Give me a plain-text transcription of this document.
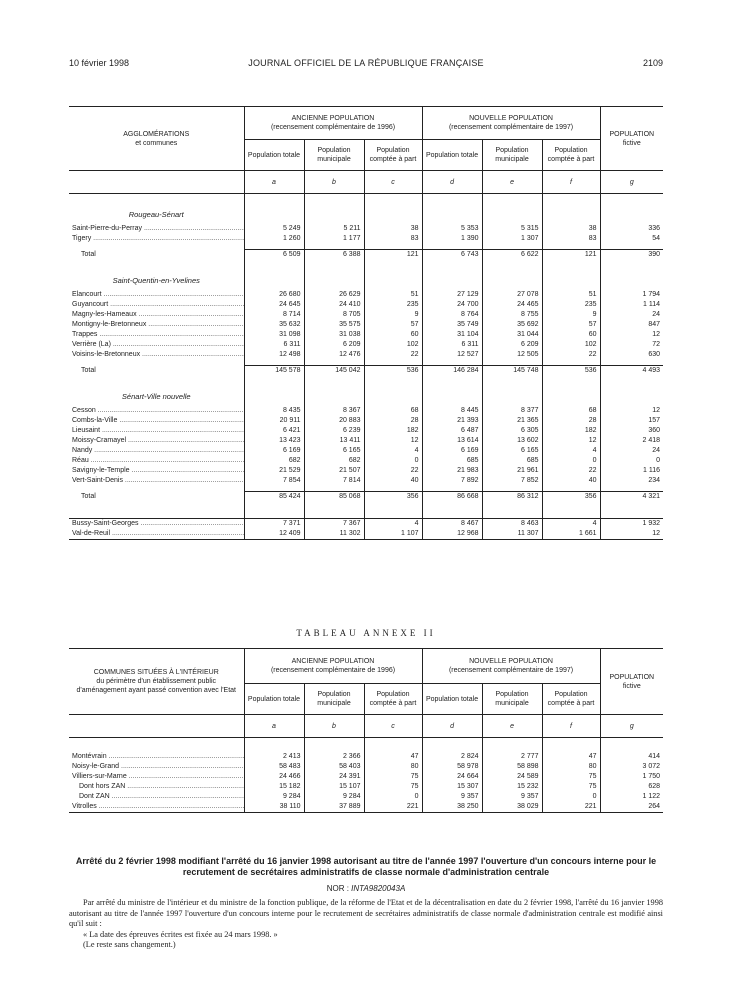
10 février 1998	JOURNAL OFFICIEL DE LA RÉPUBLIQUE FRANÇAISE	2109
AGGLOMÉRATIONS
et communes	ANCIENNE POPULATION
(recensement complémentaire de 1996)			NOUVELLE POPULATION
(recensement complémentaire de 1997)			POPULATION
fictive
	Population totale	Population municipale	Population comptée à part	Population totale	Population municipale	Population comptée à part	
	a	b	c	d	e	f	g

Rougeau-Sénart							

Saint-Pierre-du-Perray .....	5 249	5 211	38	5 353	5 315	38	336
Tigery .....	1 260	1 177	83	1 390	1 307	83	54

Total	6 509	6 388	121	6 743	6 622	121	390

Saint-Quentin-en-Yvelines							

Elancourt .....	26 680	26 629	51	27 129	27 078	51	1 794
Guyancourt .....	24 645	24 410	235	24 700	24 465	235	1 114
Magny-les-Hameaux .....	8 714	8 705	9	8 764	8 755	9	24
Montigny-le-Bretonneux .....	35 632	35 575	57	35 749	35 692	57	847
Trappes .....	31 098	31 038	60	31 104	31 044	60	12
Verrière (La) .....	6 311	6 209	102	6 311	6 209	102	72
Voisins-le-Bretonneux .....	12 498	12 476	22	12 527	12 505	22	630

Total	145 578	145 042	536	146 284	145 748	536	4 493

Sénart-Ville nouvelle							

Cesson .....	8 435	8 367	68	8 445	8 377	68	12
Combs-la-Ville .....	20 911	20 883	28	21 393	21 365	28	157
Lieusaint .....	6 421	6 239	182	6 487	6 305	182	360
Moissy-Cramayel .....	13 423	13 411	12	13 614	13 602	12	2 418
Nandy .....	6 169	6 165	4	6 169	6 165	4	24
Réau .....	682	682	0	685	685	0	0
Savigny-le-Temple .....	21 529	21 507	22	21 983	21 961	22	1 116
Vert-Saint-Denis .....	7 854	7 814	40	7 892	7 852	40	234

Total	85 424	85 068	356	86 668	86 312	356	4 321

Bussy-Saint-Georges .....	7 371	7 367	4	8 467	8 463	4	1 932
Val-de-Reuil .....	12 409	11 302	1 107	12 968	11 307	1 661	12
TABLEAU ANNEXE II
COMMUNES SITUÉES À L'INTÉRIEUR
du périmètre d'un établissement public d'aménagement ayant passé convention avec l'Etat	ANCIENNE POPULATION
(recensement complémentaire de 1996)			NOUVELLE POPULATION
(recensement complémentaire de 1997)			POPULATION
fictive
	Population totale	Population municipale	Population comptée à part	Population totale	Population municipale	Population comptée à part	
	a	b	c	d	e	f	g

Montévrain .....	2 413	2 366	47	2 824	2 777	47	414
Noisy-le-Grand .....	58 483	58 403	80	58 978	58 898	80	3 072
Villiers-sur-Marne .....	24 466	24 391	75	24 664	24 589	75	1 750
Dont hors ZAN .....	15 182	15 107	75	15 307	15 232	75	628
Dont ZAN .....	9 284	9 284	0	9 357	9 357	0	1 122
Vitrolles .....	38 110	37 889	221	38 250	38 029	221	264
Arrêté du 2 février 1998 modifiant l'arrêté du 16 janvier 1998 autorisant au titre de l'année 1997 l'ouverture d'un concours interne pour le recrutement de secrétaires administratifs de classe normale d'administration centrale
NOR : INTA9820043A

Par arrêté du ministre de l'intérieur et du ministre de la fonction publique, de la réforme de l'Etat et de la décentralisation en date du 2 février 1998, l'arrêté du 16 janvier 1998 autorisant au titre de l'année 1997 l'ouverture d'un concours interne pour le recrutement de secrétaires administratifs de classe normale d'administration centrale est modifié ainsi qu'il suit :

« La date des épreuves écrites est fixée au 24 mars 1998. »

(Le reste sans changement.)
